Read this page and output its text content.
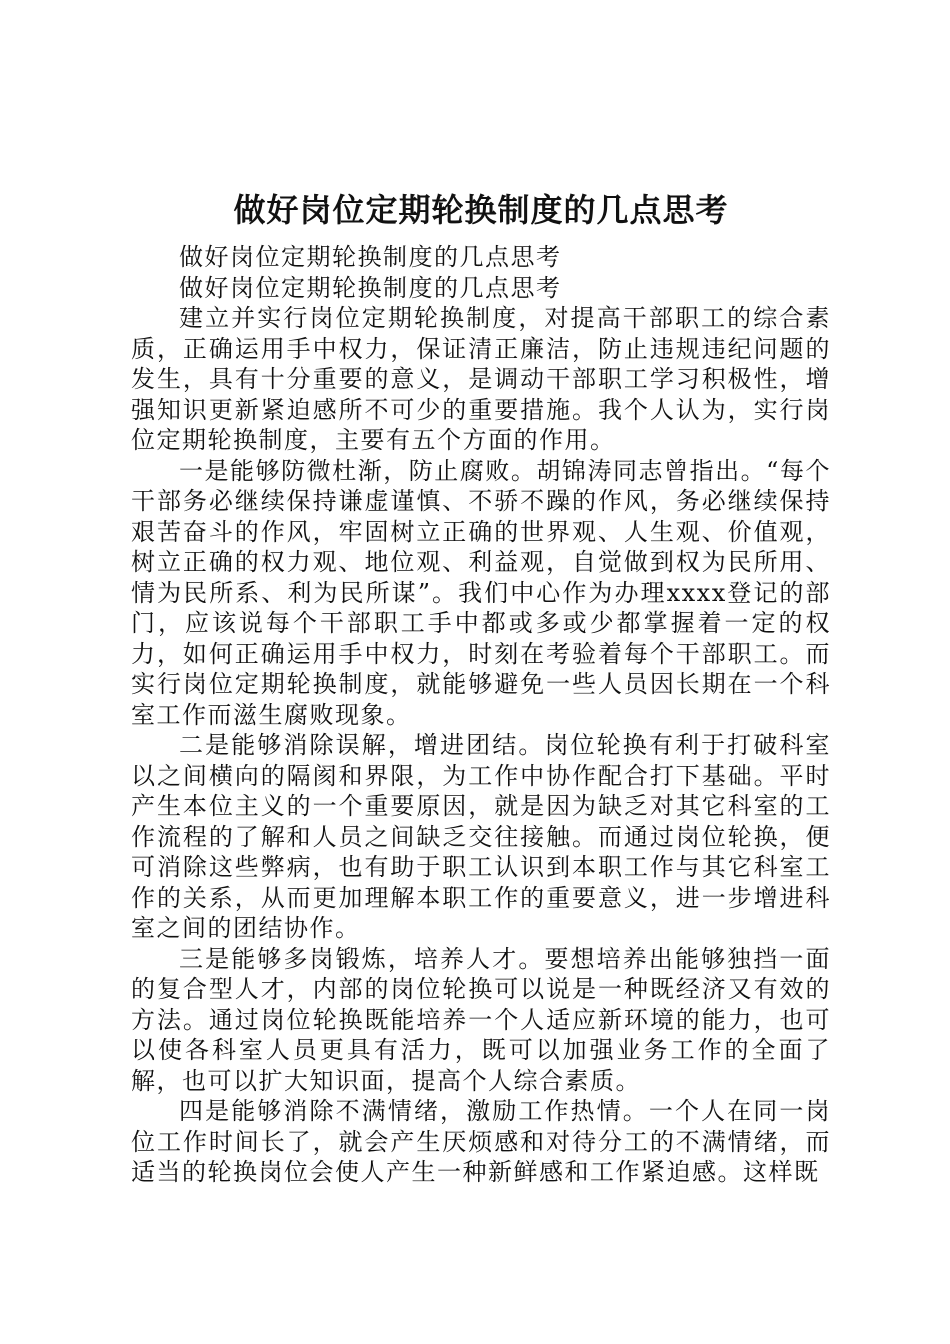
做好岗位定期轮换制度的几点思考

做好岗位定期轮换制度的几点思考

做好岗位定期轮换制度的几点思考

建立并实行岗位定期轮换制度，对提高干部职工的综合素质，正确运用手中权力，保证清正廉洁，防止违规违纪问题的发生，具有十分重要的意义，是调动干部职工学习积极性，增强知识更新紧迫感所不可少的重要措施。我个人认为，实行岗位定期轮换制度，主要有五个方面的作用。

一是能够防微杜渐，防止腐败。胡锦涛同志曾指出。“每个干部务必继续保持谦虚谨慎、不骄不躁的作风，务必继续保持艰苦奋斗的作风，牢固树立正确的世界观、人生观、价值观，树立正确的权力观、地位观、利益观，自觉做到权为民所用、情为民所系、利为民所谋”。我们中心作为办理xxxx登记的部门，应该说每个干部职工手中都或多或少都掌握着一定的权力，如何正确运用手中权力，时刻在考验着每个干部职工。而实行岗位定期轮换制度，就能够避免一些人员因长期在一个科室工作而滋生腐败现象。

二是能够消除误解，增进团结。岗位轮换有利于打破科室以之间横向的隔阂和界限，为工作中协作配合打下基础。平时产生本位主义的一个重要原因，就是因为缺乏对其它科室的工作流程的了解和人员之间缺乏交往接触。而通过岗位轮换，便可消除这些弊病，也有助于职工认识到本职工作与其它科室工作的关系，从而更加理解本职工作的重要意义，进一步增进科室之间的团结协作。

三是能够多岗锻炼，培养人才。要想培养出能够独挡一面的复合型人才，内部的岗位轮换可以说是一种既经济又有效的方法。通过岗位轮换既能培养一个人适应新环境的能力，也可以使各科室人员更具有活力，既可以加强业务工作的全面了解，也可以扩大知识面，提高个人综合素质。

四是能够消除不满情绪，激励工作热情。一个人在同一岗位工作时间长了，就会产生厌烦感和对待分工的不满情绪，而适当的轮换岗位会使人产生一种新鲜感和工作紧迫感。这样既
